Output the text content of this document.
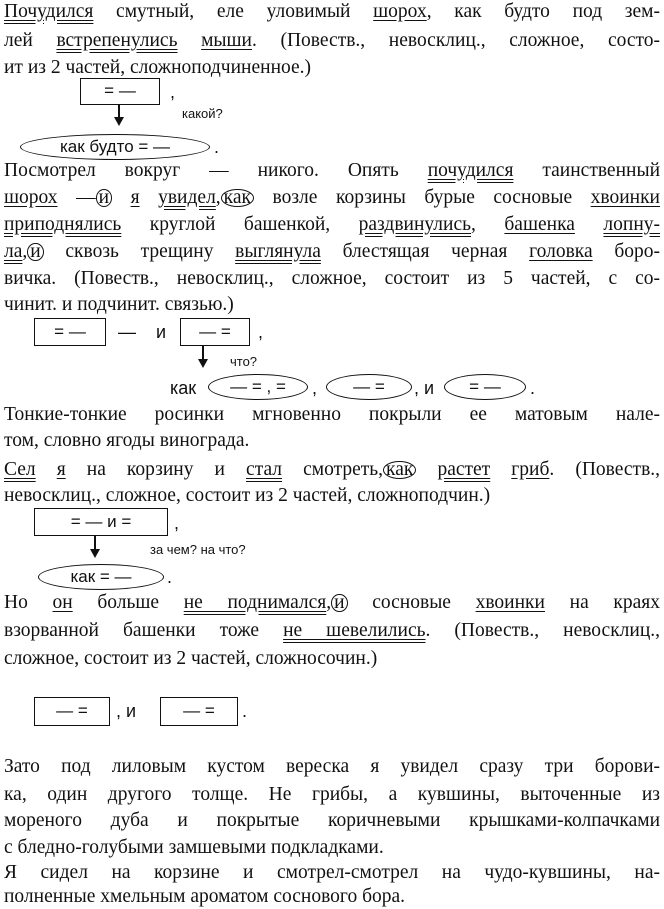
Почудился смутный, еле уловимый шорох, как будто под зем-
лей встрепенулись мыши. (Повеств., невосклиц., сложное, состо-
ит из 2 частей, сложноподчиненное.)
= —	,
какой?
как будто = —	.
Посмотрел вокруг — никого. Опять почудился таинственный
шорох — и я увидел, как возле корзины бурые сосновые хвоинки
приподнялись круглой башенкой, раздвинулись, башенка лопну-
ла, и сквозь трещину выглянула блестящая черная головка боро-
вичка. (Повеств., невосклиц., сложное, состоит из 5 частей, с со-
чинит. и подчинит. связью.)
= —	— и	— =	,
что?
как	— = , =	,	— =	, и	= —	.
Тонкие-тонкие росинки мгновенно покрыли ее матовым нале-
том, словно ягоды винограда.
Сел я на корзину и стал смотреть, как растет гриб. (Повеств.,
невосклиц., сложное, состоит из 2 частей, сложноподчин.)
= — и =	,
за чем? на что?
как = —	.
Но он больше не поднимался, и сосновые хвоинки на краях
взорванной башенки тоже не шевелились. (Повеств., невосклиц.,
сложное, состоит из 2 частей, сложносочин.)
— =	, и	— =	.
Зато под лиловым кустом вереска я увидел сразу три борови-
ка, один другого толще. Не грибы, а кувшины, выточенные из
мореного дуба и покрытые коричневыми крышками-колпачками
с бледно-голубыми замшевыми подкладками.
Я сидел на корзине и смотрел-смотрел на чудо-кувшины, на-
полненные хмельным ароматом соснового бора.
